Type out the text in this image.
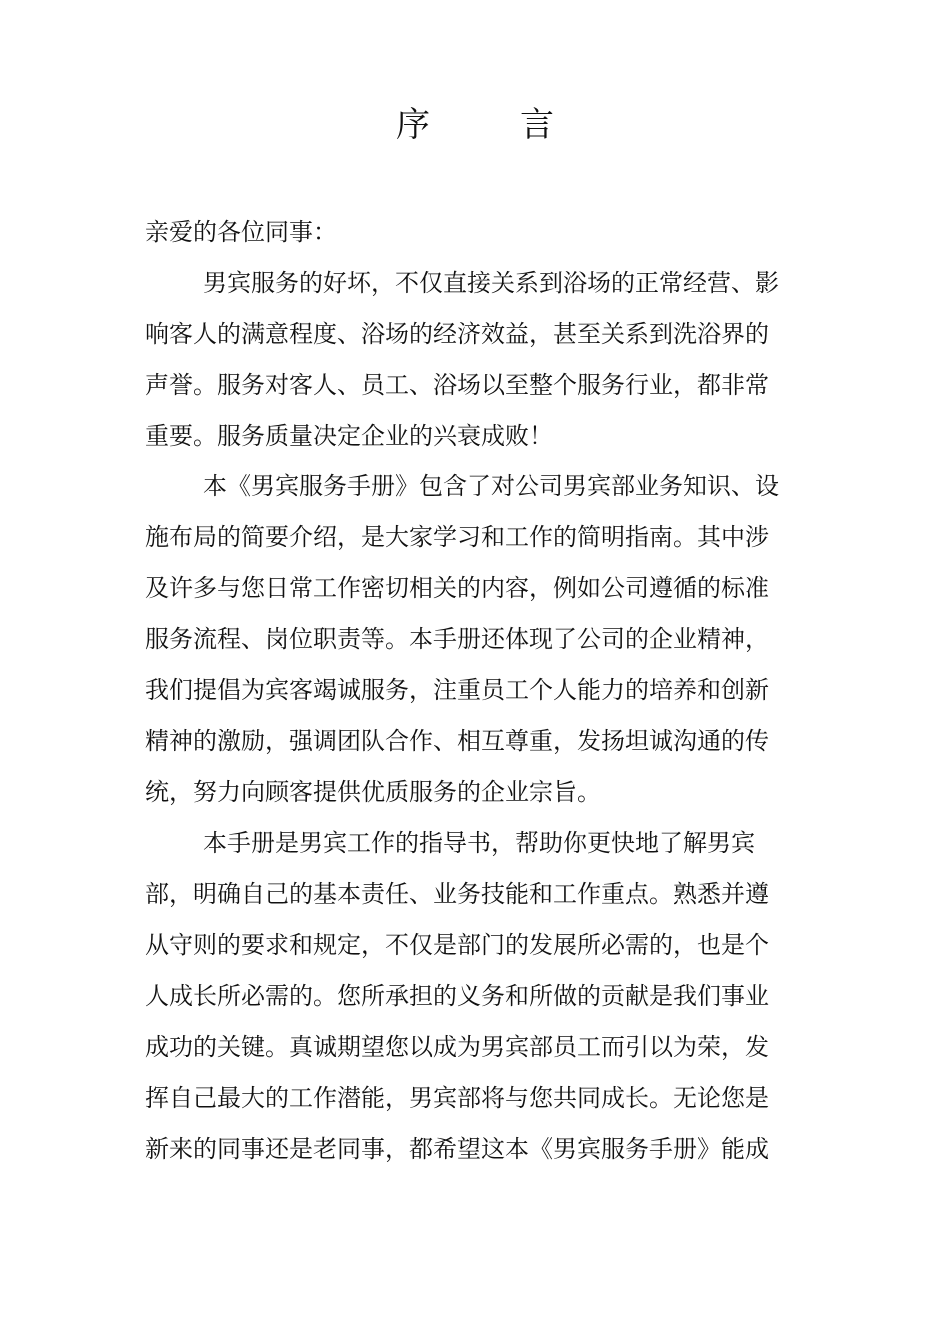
序	言
亲爱的各位同事：
男宾服务的好坏，不仅直接关系到浴场的正常经营、影
响客人的满意程度、浴场的经济效益，甚至关系到洗浴界的
声誉。服务对客人、员工、浴场以至整个服务行业，都非常
重要。服务质量决定企业的兴衰成败！
本《男宾服务手册》包含了对公司男宾部业务知识、设
施布局的简要介绍，是大家学习和工作的简明指南。其中涉
及许多与您日常工作密切相关的内容，例如公司遵循的标准
服务流程、岗位职责等。本手册还体现了公司的企业精神，
我们提倡为宾客竭诚服务，注重员工个人能力的培养和创新
精神的激励，强调团队合作、相互尊重，发扬坦诚沟通的传
统，努力向顾客提供优质服务的企业宗旨。
本手册是男宾工作的指导书，帮助你更快地了解男宾
部，明确自己的基本责任、业务技能和工作重点。熟悉并遵
从守则的要求和规定，不仅是部门的发展所必需的，也是个
人成长所必需的。您所承担的义务和所做的贡献是我们事业
成功的关键。真诚期望您以成为男宾部员工而引以为荣，发
挥自己最大的工作潜能，男宾部将与您共同成长。无论您是
新来的同事还是老同事，都希望这本《男宾服务手册》能成
